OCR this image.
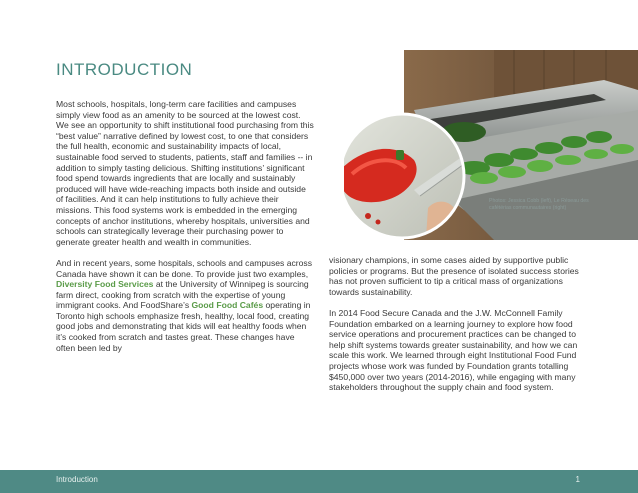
INTRODUCTION

Most schools, hospitals, long-term care facilities and campuses simply view food as an amenity to be sourced at the lowest cost. We see an opportunity to shift institutional food purchasing from this “best value” narrative defined by lowest cost, to one that considers the full health, economic and sustainability impacts of local, sustainable food served to students, patients, staff and families -- in addition to simply tasting delicious. Shifting institutions’ significant food spend towards ingredients that are locally and sustainably produced will have wide-reaching impacts both inside and outside of facilities. And it can help institutions to fully achieve their missions. This food systems work is embedded in the emerging concepts of anchor institutions, whereby hospitals, universities and schools can strategically leverage their purchasing power to generate greater health and wealth in communities.

And in recent years, some hospitals, schools and campuses across Canada have shown it can be done. To provide just two examples, Diversity Food Services at the University of Winnipeg is sourcing farm direct, cooking from scratch with the expertise of young immigrant cooks. And FoodShare’s Good Food Cafés operating in Toronto high schools emphasize fresh, healthy, local food, creating good jobs and demonstrating that kids will eat healthy foods when it’s cooked from scratch and tastes great. These changes have often been led by

Photos: Jessica Cobb (left), Le Réseau des cafétérias communautaires (right)

visionary champions, in some cases aided by supportive public policies or programs. But the presence of isolated success stories has not proven sufficient to tip a critical mass of organizations towards sustainability.

In 2014 Food Secure Canada and the J.W. McConnell Family Foundation embarked on a learning journey to explore how food service operations and procurement practices can be changed to help shift systems towards greater sustainability, and how we can scale this work. We learned through eight Institutional Food Fund projects whose work was funded by Foundation grants totalling $450,000 over two years (2014-2016), while engaging with many stakeholders throughout the supply chain and food system.

Introduction	1
